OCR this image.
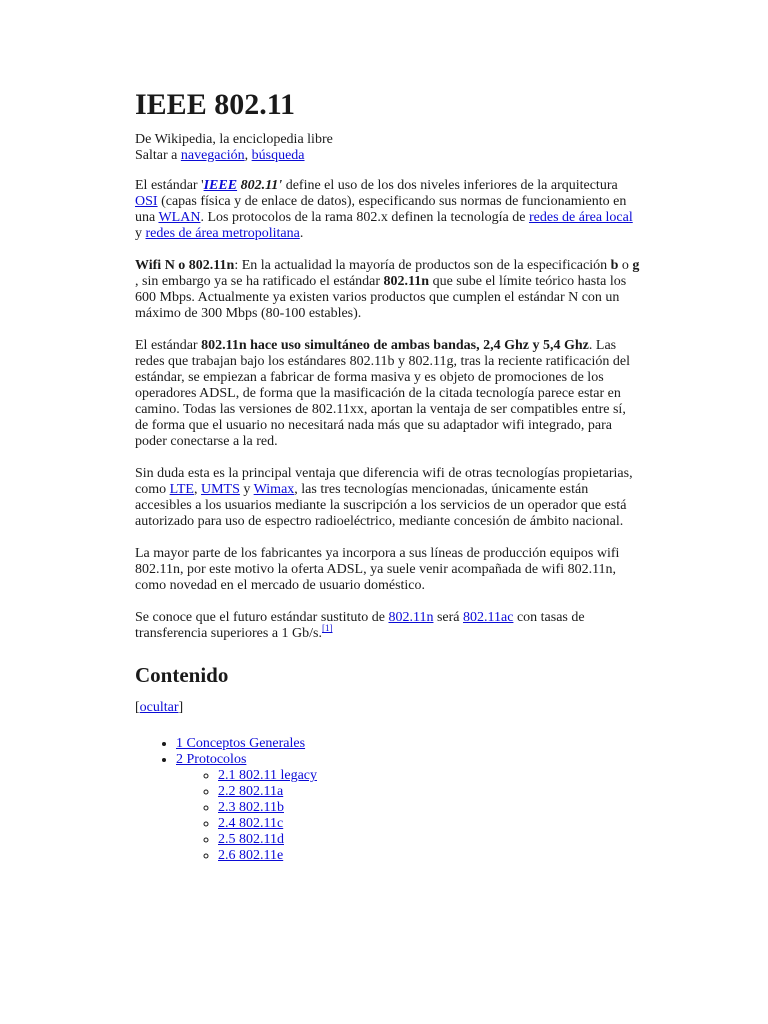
IEEE 802.11
De Wikipedia, la enciclopedia libre
Saltar a navegación, búsqueda

El estándar 'IEEE 802.11' define el uso de los dos niveles inferiores de la arquitectura OSI (capas física y de enlace de datos), especificando sus normas de funcionamiento en una WLAN. Los protocolos de la rama 802.x definen la tecnología de redes de área local y redes de área metropolitana.

Wifi N o 802.11n: En la actualidad la mayoría de productos son de la especificación b o g , sin embargo ya se ha ratificado el estándar 802.11n que sube el límite teórico hasta los 600 Mbps. Actualmente ya existen varios productos que cumplen el estándar N con un máximo de 300 Mbps (80-100 estables).

El estándar 802.11n hace uso simultáneo de ambas bandas, 2,4 Ghz y 5,4 Ghz. Las redes que trabajan bajo los estándares 802.11b y 802.11g, tras la reciente ratificación del estándar, se empiezan a fabricar de forma masiva y es objeto de promociones de los operadores ADSL, de forma que la masificación de la citada tecnología parece estar en camino. Todas las versiones de 802.11xx, aportan la ventaja de ser compatibles entre sí, de forma que el usuario no necesitará nada más que su adaptador wifi integrado, para poder conectarse a la red.

Sin duda esta es la principal ventaja que diferencia wifi de otras tecnologías propietarias, como LTE, UMTS y Wimax, las tres tecnologías mencionadas, únicamente están accesibles a los usuarios mediante la suscripción a los servicios de un operador que está autorizado para uso de espectro radioeléctrico, mediante concesión de ámbito nacional.

La mayor parte de los fabricantes ya incorpora a sus líneas de producción equipos wifi 802.11n, por este motivo la oferta ADSL, ya suele venir acompañada de wifi 802.11n, como novedad en el mercado de usuario doméstico.

Se conoce que el futuro estándar sustituto de 802.11n será 802.11ac con tasas de transferencia superiores a 1 Gb/s.[1]

Contenido
[ocultar]
• 1 Conceptos Generales
• 2 Protocolos
◦ 2.1 802.11 legacy
◦ 2.2 802.11a
◦ 2.3 802.11b
◦ 2.4 802.11c
◦ 2.5 802.11d
◦ 2.6 802.11e
